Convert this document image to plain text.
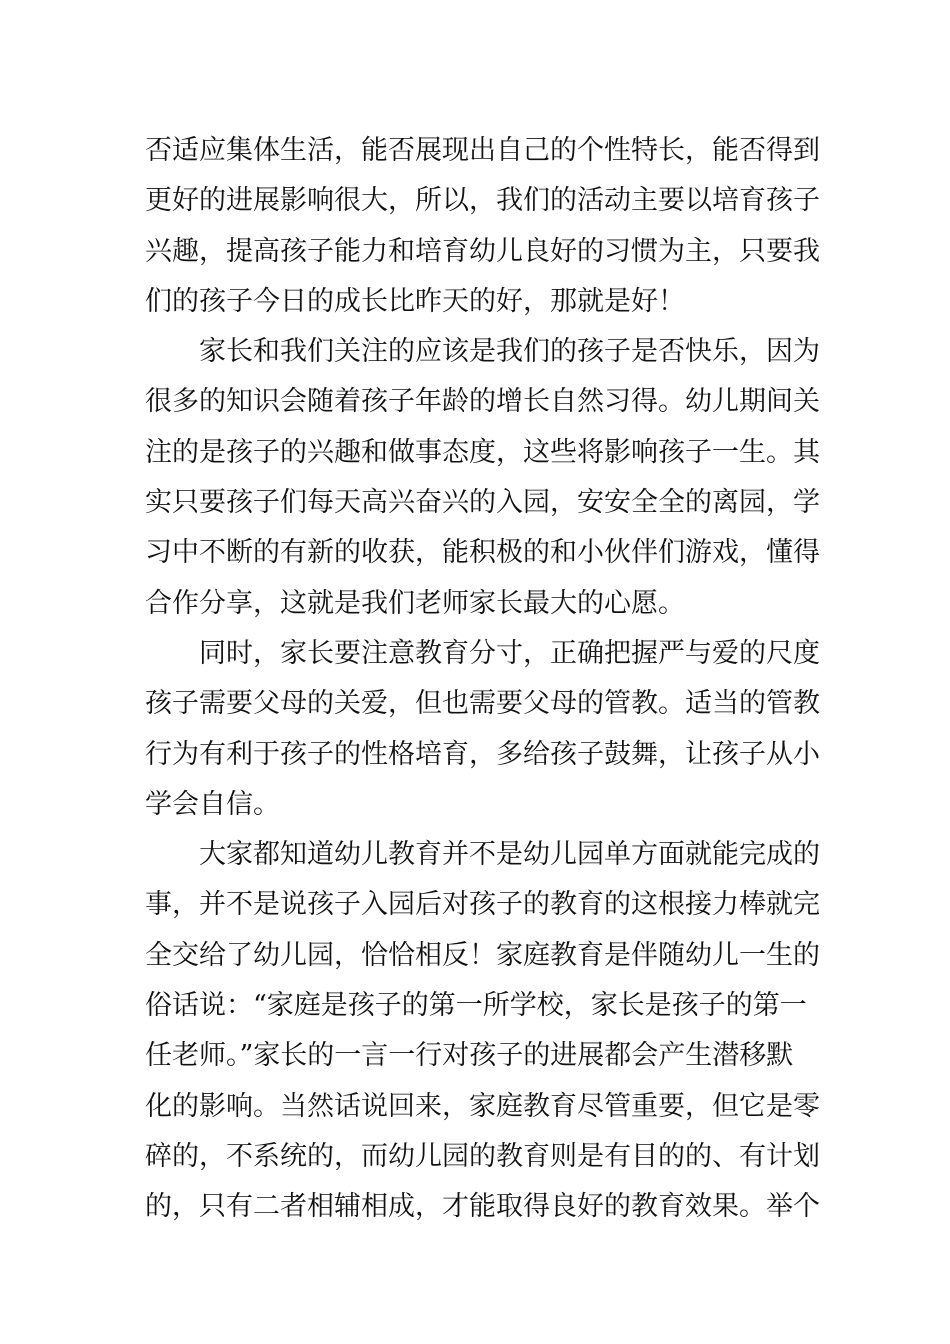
否适应集体生活，能否展现出自己的个性特长，能否得到
更好的进展影响很大，所以，我们的活动主要以培育孩子
兴趣，提高孩子能力和培育幼儿良好的习惯为主，只要我
们的孩子今日的成长比昨天的好，那就是好！
家长和我们关注的应该是我们的孩子是否快乐，因为
很多的知识会随着孩子年龄的增长自然习得。幼儿期间关
注的是孩子的兴趣和做事态度，这些将影响孩子一生。其
实只要孩子们每天高兴奋兴的入园，安安全全的离园，学
习中不断的有新的收获，能积极的和小伙伴们游戏，懂得
合作分享，这就是我们老师家长最大的心愿。
同时，家长要注意教育分寸，正确把握严与爱的尺度
孩子需要父母的关爱，但也需要父母的管教。适当的管教
行为有利于孩子的性格培育，多给孩子鼓舞，让孩子从小
学会自信。
大家都知道幼儿教育并不是幼儿园单方面就能完成的
事，并不是说孩子入园后对孩子的教育的这根接力棒就完
全交给了幼儿园，恰恰相反！家庭教育是伴随幼儿一生的
俗话说：“家庭是孩子的第一所学校，家长是孩子的第一
任老师。”家长的一言一行对孩子的进展都会产生潜移默
化的影响。当然话说回来，家庭教育尽管重要，但它是零
碎的，不系统的，而幼儿园的教育则是有目的的、有计划
的，只有二者相辅相成，才能取得良好的教育效果。举个
